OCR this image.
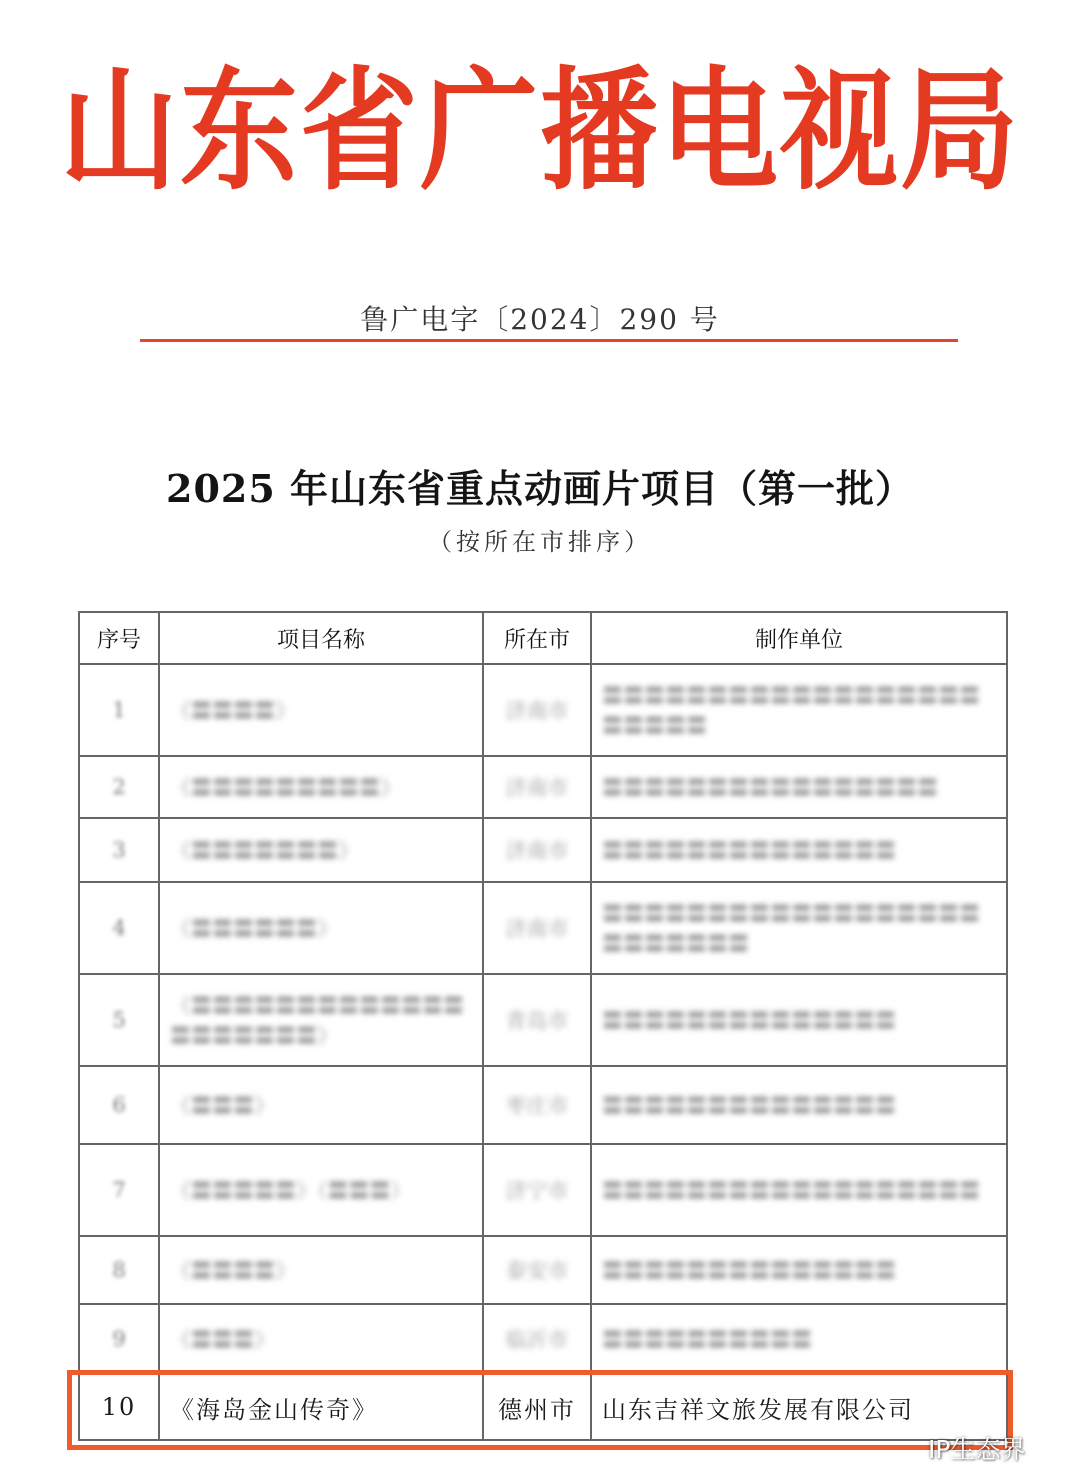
山东省广播电视局
鲁广电字〔2024〕290 号
2025 年山东省重点动画片项目（第一批）
（按所在市排序）
序号	项目名称	所在市	制作单位
1	《〓〓〓〓》	济南市	〓〓〓〓〓〓〓〓〓〓〓〓〓〓〓〓〓〓〓〓〓〓〓
2	《〓〓〓〓〓〓〓〓〓》	济南市	〓〓〓〓〓〓〓〓〓〓〓〓〓〓〓〓
3	《〓〓〓〓〓〓〓》	济南市	〓〓〓〓〓〓〓〓〓〓〓〓〓〓
4	《〓〓〓〓〓〓》	济南市	〓〓〓〓〓〓〓〓〓〓〓〓〓〓〓〓〓〓〓〓〓〓〓〓〓
5	《〓〓〓〓〓〓〓〓〓〓〓〓〓〓〓〓〓〓〓〓》	青岛市	〓〓〓〓〓〓〓〓〓〓〓〓〓〓
6	《〓〓〓》	枣庄市	〓〓〓〓〓〓〓〓〓〓〓〓〓〓
7	《〓〓〓〓〓》（〓〓〓）	济宁市	〓〓〓〓〓〓〓〓〓〓〓〓〓〓〓〓〓〓
8	《〓〓〓〓》	泰安市	〓〓〓〓〓〓〓〓〓〓〓〓〓〓
9	《〓〓〓》	临沂市	〓〓〓〓〓〓〓〓〓〓
10	《海岛金山传奇》	德州市	山东吉祥文旅发展有限公司
IP生态界
